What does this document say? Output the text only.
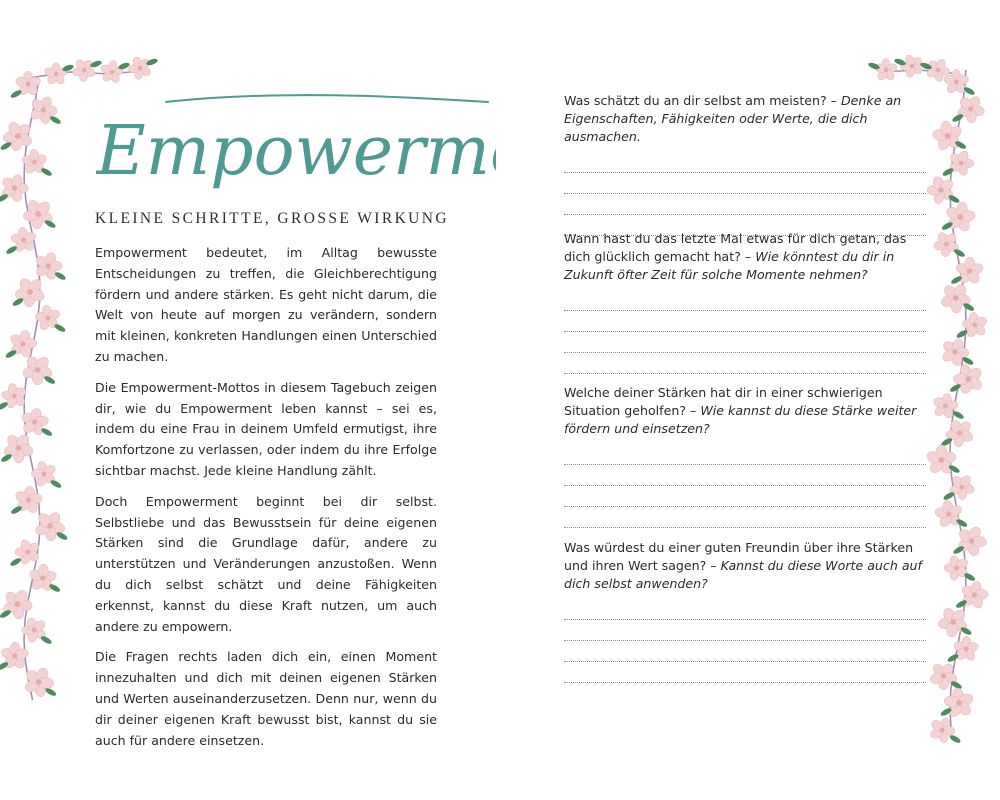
Empowerm
KLEINE SCHRITTE, GROSSE WIRKUNG

Empowerment bedeutet, im Alltag bewusste Entscheidungen zu treffen, die Gleichberechtigung fördern und andere stärken. Es geht nicht darum, die Welt von heute auf morgen zu verändern, sondern mit kleinen, konkreten Handlungen einen Unterschied zu machen.

Die Empowerment-Mottos in diesem Tagebuch zeigen dir, wie du Empowerment leben kannst – sei es, indem du eine Frau in deinem Umfeld ermutigst, ihre Komfortzone zu verlassen, oder indem du ihre Erfolge sichtbar machst. Jede kleine Handlung zählt.

Doch Empowerment beginnt bei dir selbst. Selbstliebe und das Bewusstsein für deine eigenen Stärken sind die Grundlage dafür, andere zu unterstützen und Veränderungen anzustoßen. Wenn du dich selbst schätzt und deine Fähigkeiten erkennst, kannst du diese Kraft nutzen, um auch andere zu empowern.

Die Fragen rechts laden dich ein, einen Moment innezuhalten und dich mit deinen eigenen Stärken und Werten auseinanderzusetzen. Denn nur, wenn du dir deiner eigenen Kraft bewusst bist, kannst du sie auch für andere einsetzen.

Was schätzt du an dir selbst am meisten? – Denke an Eigenschaften, Fähigkeiten oder Werte, die dich ausmachen.
Wann hast du das letzte Mal etwas für dich getan, das dich glücklich gemacht hat? – Wie könntest du dir in Zukunft öfter Zeit für solche Momente nehmen?
Welche deiner Stärken hat dir in einer schwierigen Situation geholfen? – Wie kannst du diese Stärke weiter fördern und einsetzen?
Was würdest du einer guten Freundin über ihre Stärken und ihren Wert sagen? – Kannst du diese Worte auch auf dich selbst anwenden?
